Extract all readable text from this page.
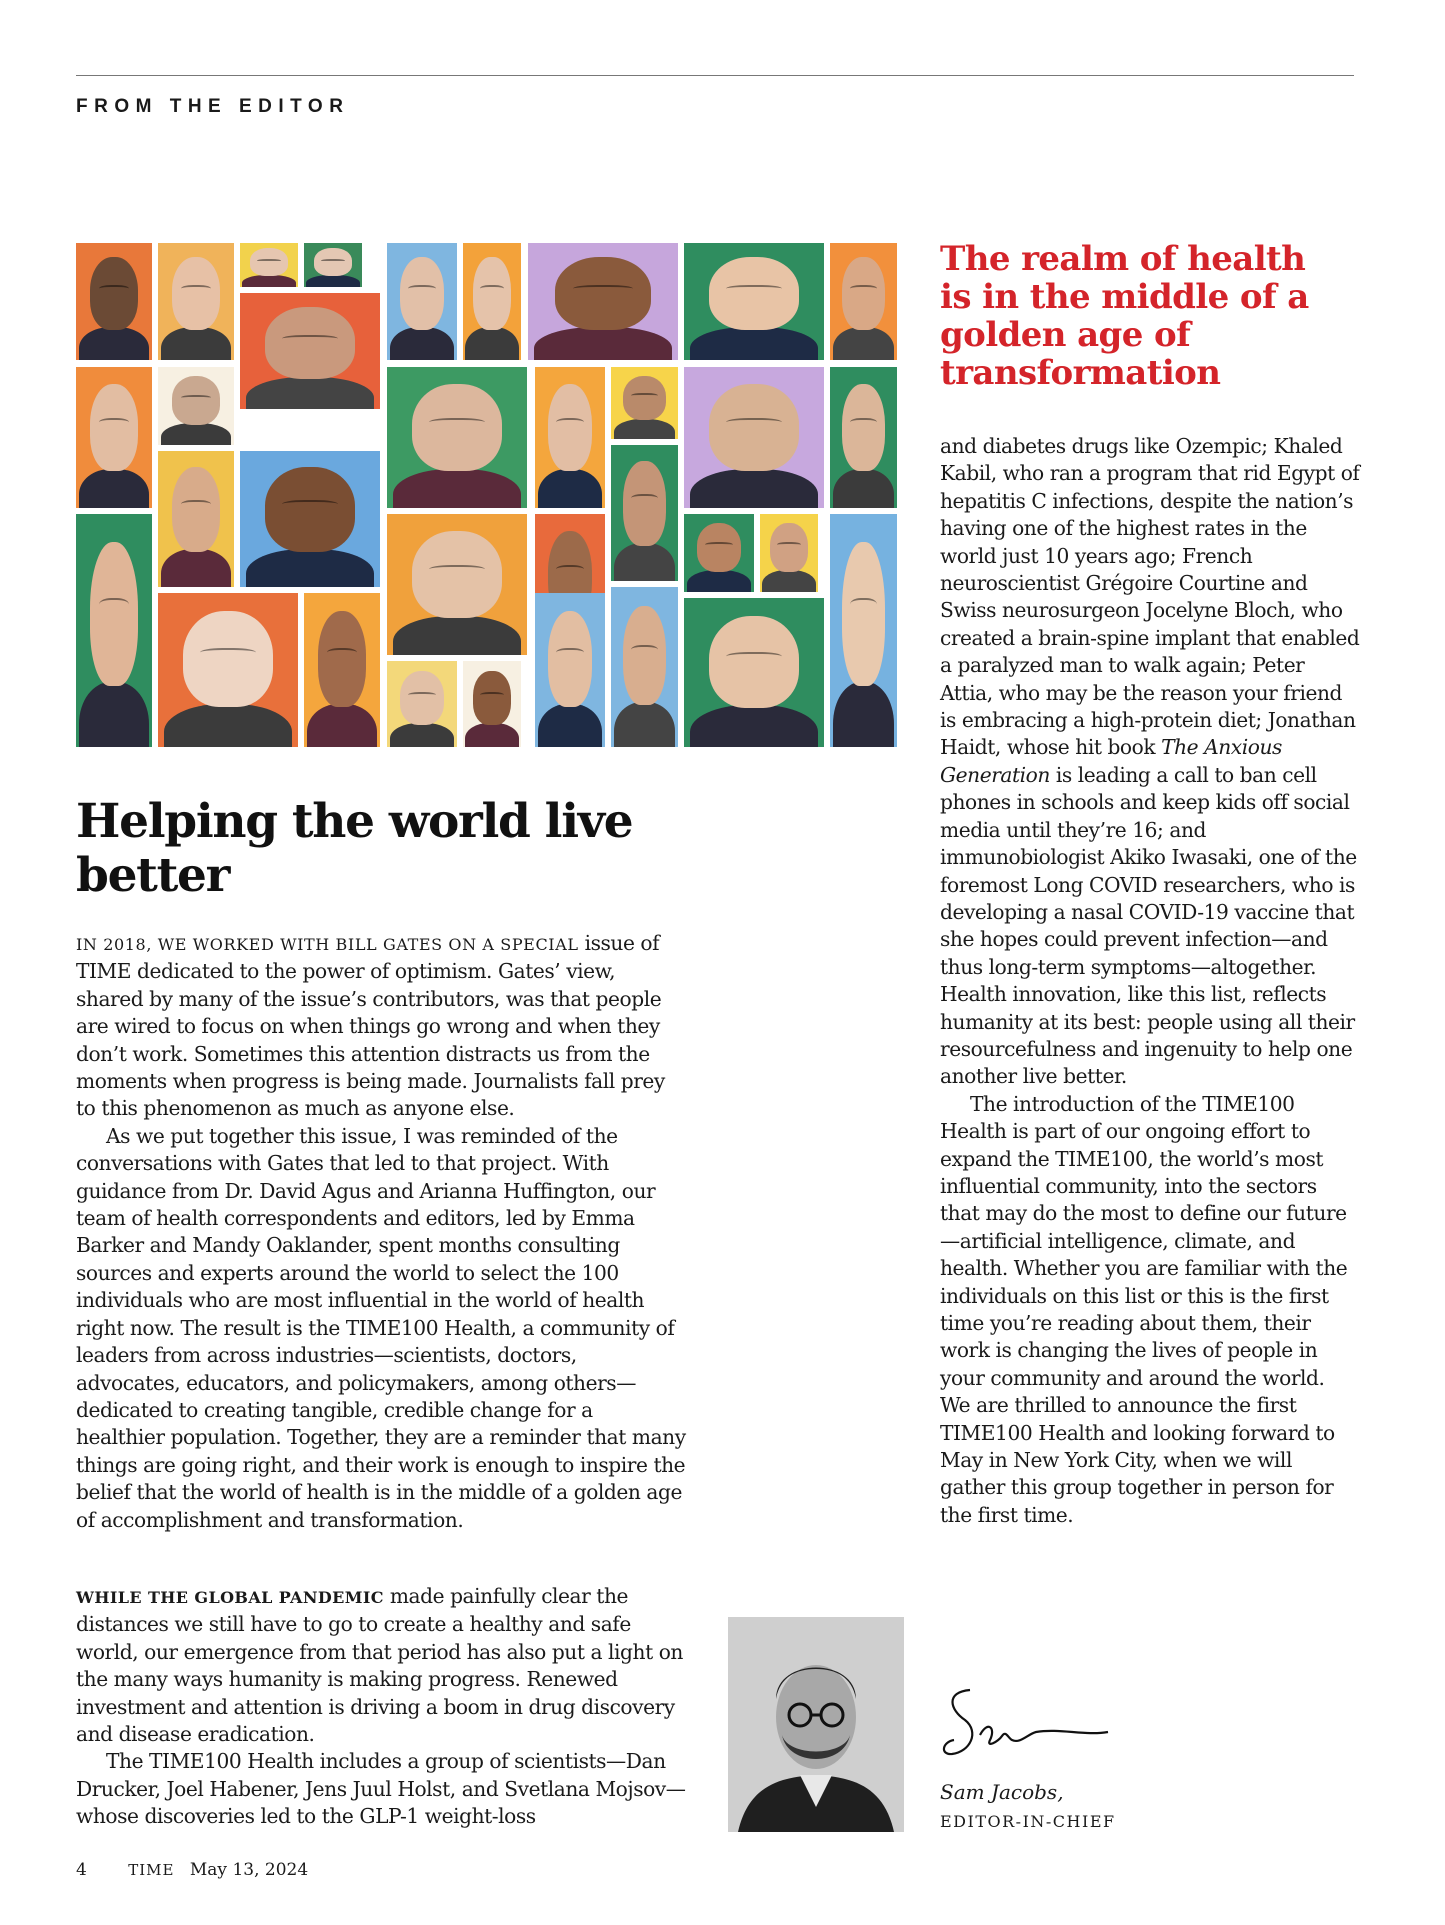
FROM THE EDITOR
The realm of health is in the middle of a golden age of transformation
Helping the world live better

IN 2018, WE WORKED WITH BILL GATES ON A SPECIAL issue of TIME dedicated to the power of optimism. Gates’ view, shared by many of the issue’s contributors, was that people are wired to focus on when things go wrong and when they don’t work. Sometimes this attention distracts us from the moments when progress is being made. Journalists fall prey to this phenomenon as much as anyone else.

As we put together this issue, I was reminded of the conversations with Gates that led to that project. With guidance from Dr. David Agus and Arianna Huffington, our team of health correspondents and editors, led by Emma Barker and Mandy Oaklander, spent months consulting sources and experts around the world to select the 100 individuals who are most influential in the world of health right now. The result is the TIME100 Health, a community of leaders from across industries—scientists, doctors, advocates, educators, and policymakers, among others—dedicated to creating tangible, credible change for a healthier population. Together, they are a reminder that many things are going right, and their work is enough to inspire the belief that the world of health is in the middle of a golden age of accomplishment and transformation.

WHILE THE GLOBAL PANDEMIC made painfully clear the distances we still have to go to create a healthy and safe world, our emergence from that period has also put a light on the many ways humanity is making progress. Renewed investment and attention is driving a boom in drug discovery and disease eradication.

The TIME100 Health includes a group of scientists—Dan Drucker, Joel Habener, Jens Juul Holst, and Svetlana Mojsov—whose discoveries led to the GLP-1 weight-loss

and diabetes drugs like Ozempic; Khaled Kabil, who ran a program that rid Egypt of hepatitis C infections, despite the nation’s having one of the highest rates in the world just 10 years ago; French neuroscientist Grégoire Courtine and Swiss neurosurgeon Jocelyne Bloch, who created a brain-spine implant that enabled a paralyzed man to walk again; Peter Attia, who may be the reason your friend is embracing a high-protein diet; Jonathan Haidt, whose hit book The Anxious Generation is leading a call to ban cell phones in schools and keep kids off social media until they’re 16; and immunobiologist Akiko Iwasaki, one of the foremost Long COVID researchers, who is developing a nasal COVID-19 vaccine that she hopes could prevent infection—and thus long-term symptoms—altogether. Health innovation, like this list, reflects humanity at its best: people using all their resourcefulness and ingenuity to help one another live better.

The introduction of the TIME100 Health is part of our ongoing effort to expand the TIME100, the world’s most influential community, into the sectors that may do the most to define our future—artificial intelligence, climate, and health. Whether you are familiar with the individuals on this list or this is the first time you’re reading about them, their work is changing the lives of people in your community and around the world. We are thrilled to announce the first TIME100 Health and looking forward to May in New York City, when we will gather this group together in person for the first time.

Sam Jacobs,
EDITOR-IN-CHIEF
4	TIME May 13, 2024
